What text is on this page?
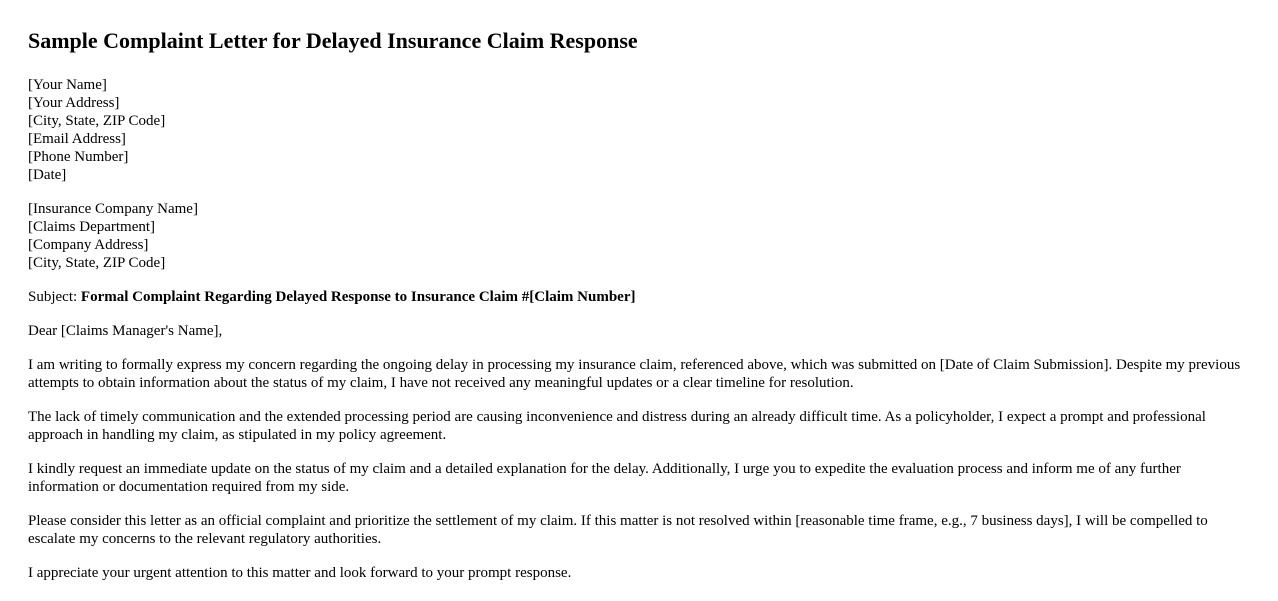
Sample Complaint Letter for Delayed Insurance Claim Response
[Your Name]
[Your Address]
[City, State, ZIP Code]
[Email Address]
[Phone Number]
[Date]
[Insurance Company Name]
[Claims Department]
[Company Address]
[City, State, ZIP Code]

Subject: Formal Complaint Regarding Delayed Response to Insurance Claim #[Claim Number]

Dear [Claims Manager's Name],

I am writing to formally express my concern regarding the ongoing delay in processing my insurance claim, referenced above, which was submitted on [Date of Claim Submission]. Despite my previous attempts to obtain information about the status of my claim, I have not received any meaningful updates or a clear timeline for resolution.

The lack of timely communication and the extended processing period are causing inconvenience and distress during an already difficult time. As a policyholder, I expect a prompt and professional approach in handling my claim, as stipulated in my policy agreement.

I kindly request an immediate update on the status of my claim and a detailed explanation for the delay. Additionally, I urge you to expedite the evaluation process and inform me of any further information or documentation required from my side.

Please consider this letter as an official complaint and prioritize the settlement of my claim. If this matter is not resolved within [reasonable time frame, e.g., 7 business days], I will be compelled to escalate my concerns to the relevant regulatory authorities.

I appreciate your urgent attention to this matter and look forward to your prompt response.
